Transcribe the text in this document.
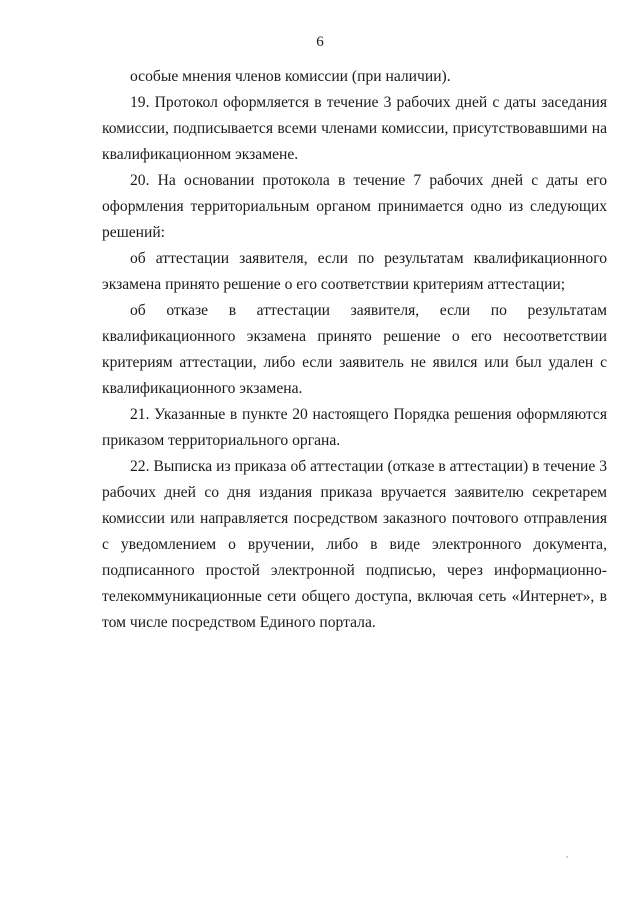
6

особые мнения членов комиссии (при наличии).

19. Протокол оформляется в течение 3 рабочих дней с даты заседания комиссии, подписывается всеми членами комиссии, присутствовавшими на квалификационном экзамене.

20. На основании протокола в течение 7 рабочих дней с даты его оформления территориальным органом принимается одно из следующих решений:

об аттестации заявителя, если по результатам квалификационного экзамена принято решение о его соответствии критериям аттестации;

об отказе в аттестации заявителя, если по результатам квалификационного экзамена принято решение о его несоответствии критериям аттестации, либо если заявитель не явился или был удален с квалификационного экзамена.

21. Указанные в пункте 20 настоящего Порядка решения оформляются приказом территориального органа.

22. Выписка из приказа об аттестации (отказе в аттестации) в течение 3 рабочих дней со дня издания приказа вручается заявителю секретарем комиссии или направляется посредством заказного почтового отправления с уведомлением о вручении, либо в виде электронного документа, подписанного простой электронной подписью, через информационно-телекоммуникационные сети общего доступа, включая сеть «Интернет», в том числе посредством Единого портала.
